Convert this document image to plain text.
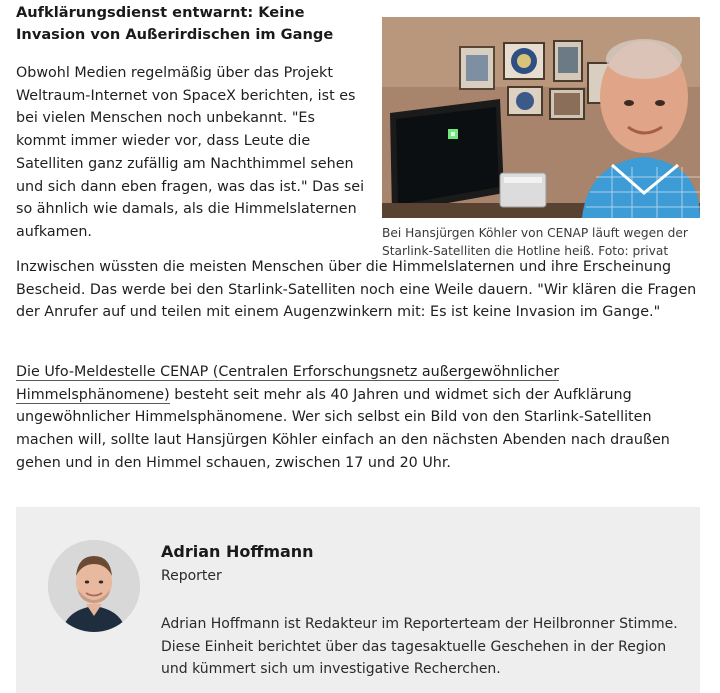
Aufklärungsdienst entwarnt: Keine Invasion von Außerirdischen im Gange

Obwohl Medien regelmäßig über das Projekt Weltraum-Internet von SpaceX berichten, ist es bei vielen Menschen noch unbekannt. "Es kommt immer wieder vor, dass Leute die Satelliten ganz zufällig am Nachthimmel sehen und sich dann eben fragen, was das ist." Das sei so ähnlich wie damals, als die Himmelslaternen aufkamen.	Bei Hansjürgen Köhler von CENAP läuft wegen der Starlink-Satelliten die Hotline heiß. Foto: privat

Inzwischen wüssten die meisten Menschen über die Himmelslaternen und ihre Erscheinung Bescheid. Das werde bei den Starlink-Satelliten noch eine Weile dauern. "Wir klären die Fragen der Anrufer auf und teilen mit einem Augenzwinkern mit: Es ist keine Invasion im Gange."

Die Ufo-Meldestelle CENAP (Centralen Erforschungsnetz außergewöhnlicher Himmelsphänomene) besteht seit mehr als 40 Jahren und widmet sich der Aufklärung ungewöhnlicher Himmelsphänomene. Wer sich selbst ein Bild von den Starlink-Satelliten machen will, sollte laut Hansjürgen Köhler einfach an den nächsten Abenden nach draußen gehen und in den Himmel schauen, zwischen 17 und 20 Uhr.

Adrian Hoffmann
Reporter

Adrian Hoffmann ist Redakteur im Reporterteam der Heilbronner Stimme. Diese Einheit berichtet über das tagesaktuelle Geschehen in der Region und kümmert sich um investigative Recherchen.
